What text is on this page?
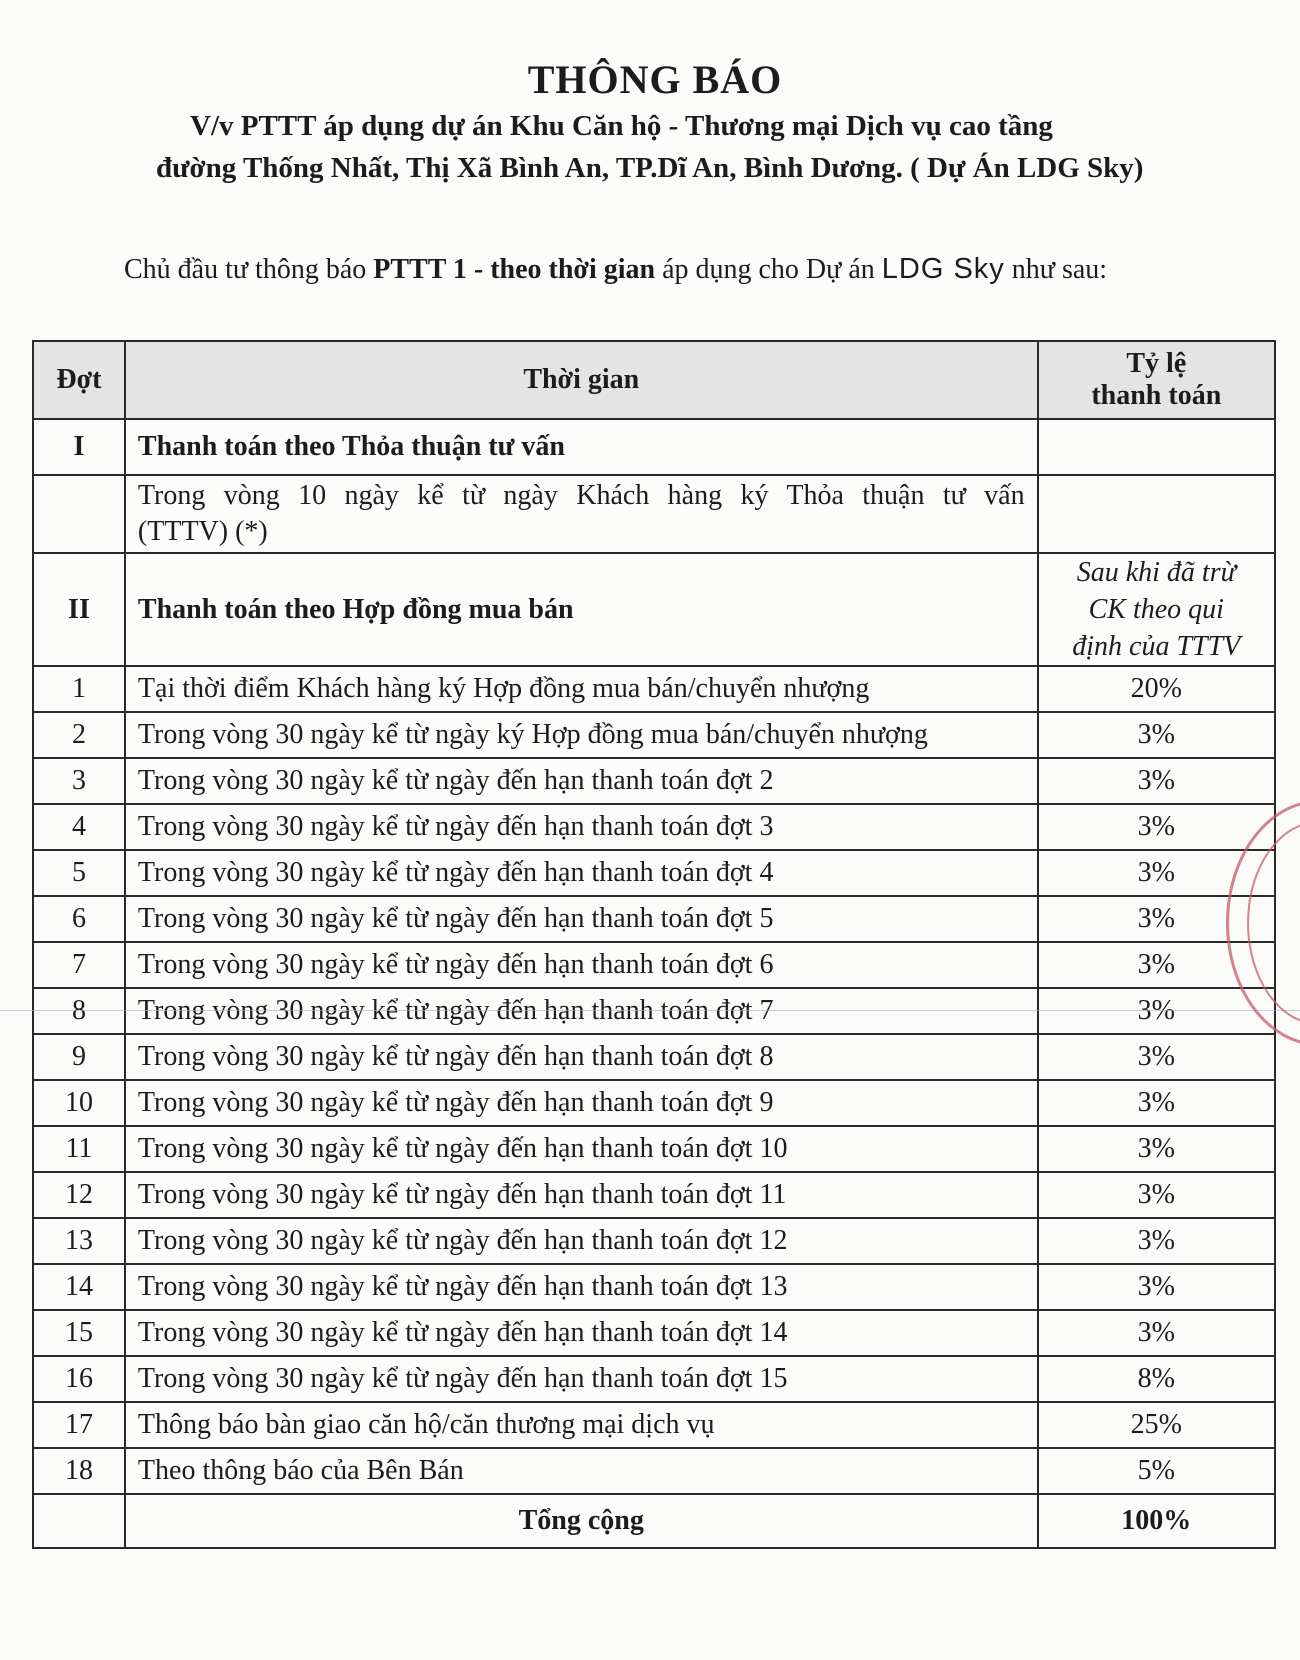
THÔNG BÁO
V/v PTTT áp dụng dự án Khu Căn hộ - Thương mại Dịch vụ cao tầng
đường Thống Nhất, Thị Xã Bình An, TP.Dĩ An, Bình Dương. ( Dự Án LDG Sky)
Chủ đầu tư thông báo PTTT 1 - theo thời gian áp dụng cho Dự án LDG Sky như sau:
Đợt	Thời gian	Tỷ lệ
thanh toán

I	Thanh toán theo Thỏa thuận tư vấn	

	Trong vòng 10 ngày kể từ ngày Khách hàng ký Thỏa thuận tư vấn
(TTTV) (*)	

II	Thanh toán theo Hợp đồng mua bán	Sau khi đã trừ
CK theo qui
định của TTTV

1	Tại thời điểm Khách hàng ký Hợp đồng mua bán/chuyển nhượng	20%
2	Trong vòng 30 ngày kể từ ngày ký Hợp đồng mua bán/chuyển nhượng	3%
3	Trong vòng 30 ngày kể từ ngày đến hạn thanh toán đợt 2	3%
4	Trong vòng 30 ngày kể từ ngày đến hạn thanh toán đợt 3	3%
5	Trong vòng 30 ngày kể từ ngày đến hạn thanh toán đợt 4	3%
6	Trong vòng 30 ngày kể từ ngày đến hạn thanh toán đợt 5	3%
7	Trong vòng 30 ngày kể từ ngày đến hạn thanh toán đợt 6	3%
8	Trong vòng 30 ngày kể từ ngày đến hạn thanh toán đợt 7	3%
9	Trong vòng 30 ngày kể từ ngày đến hạn thanh toán đợt 8	3%
10	Trong vòng 30 ngày kể từ ngày đến hạn thanh toán đợt 9	3%
11	Trong vòng 30 ngày kể từ ngày đến hạn thanh toán đợt 10	3%
12	Trong vòng 30 ngày kể từ ngày đến hạn thanh toán đợt 11	3%
13	Trong vòng 30 ngày kể từ ngày đến hạn thanh toán đợt 12	3%
14	Trong vòng 30 ngày kể từ ngày đến hạn thanh toán đợt 13	3%
15	Trong vòng 30 ngày kể từ ngày đến hạn thanh toán đợt 14	3%
16	Trong vòng 30 ngày kể từ ngày đến hạn thanh toán đợt 15	8%
17	Thông báo bàn giao căn hộ/căn thương mại dịch vụ	25%
18	Theo thông báo của Bên Bán	5%
	Tổng cộng	100%
